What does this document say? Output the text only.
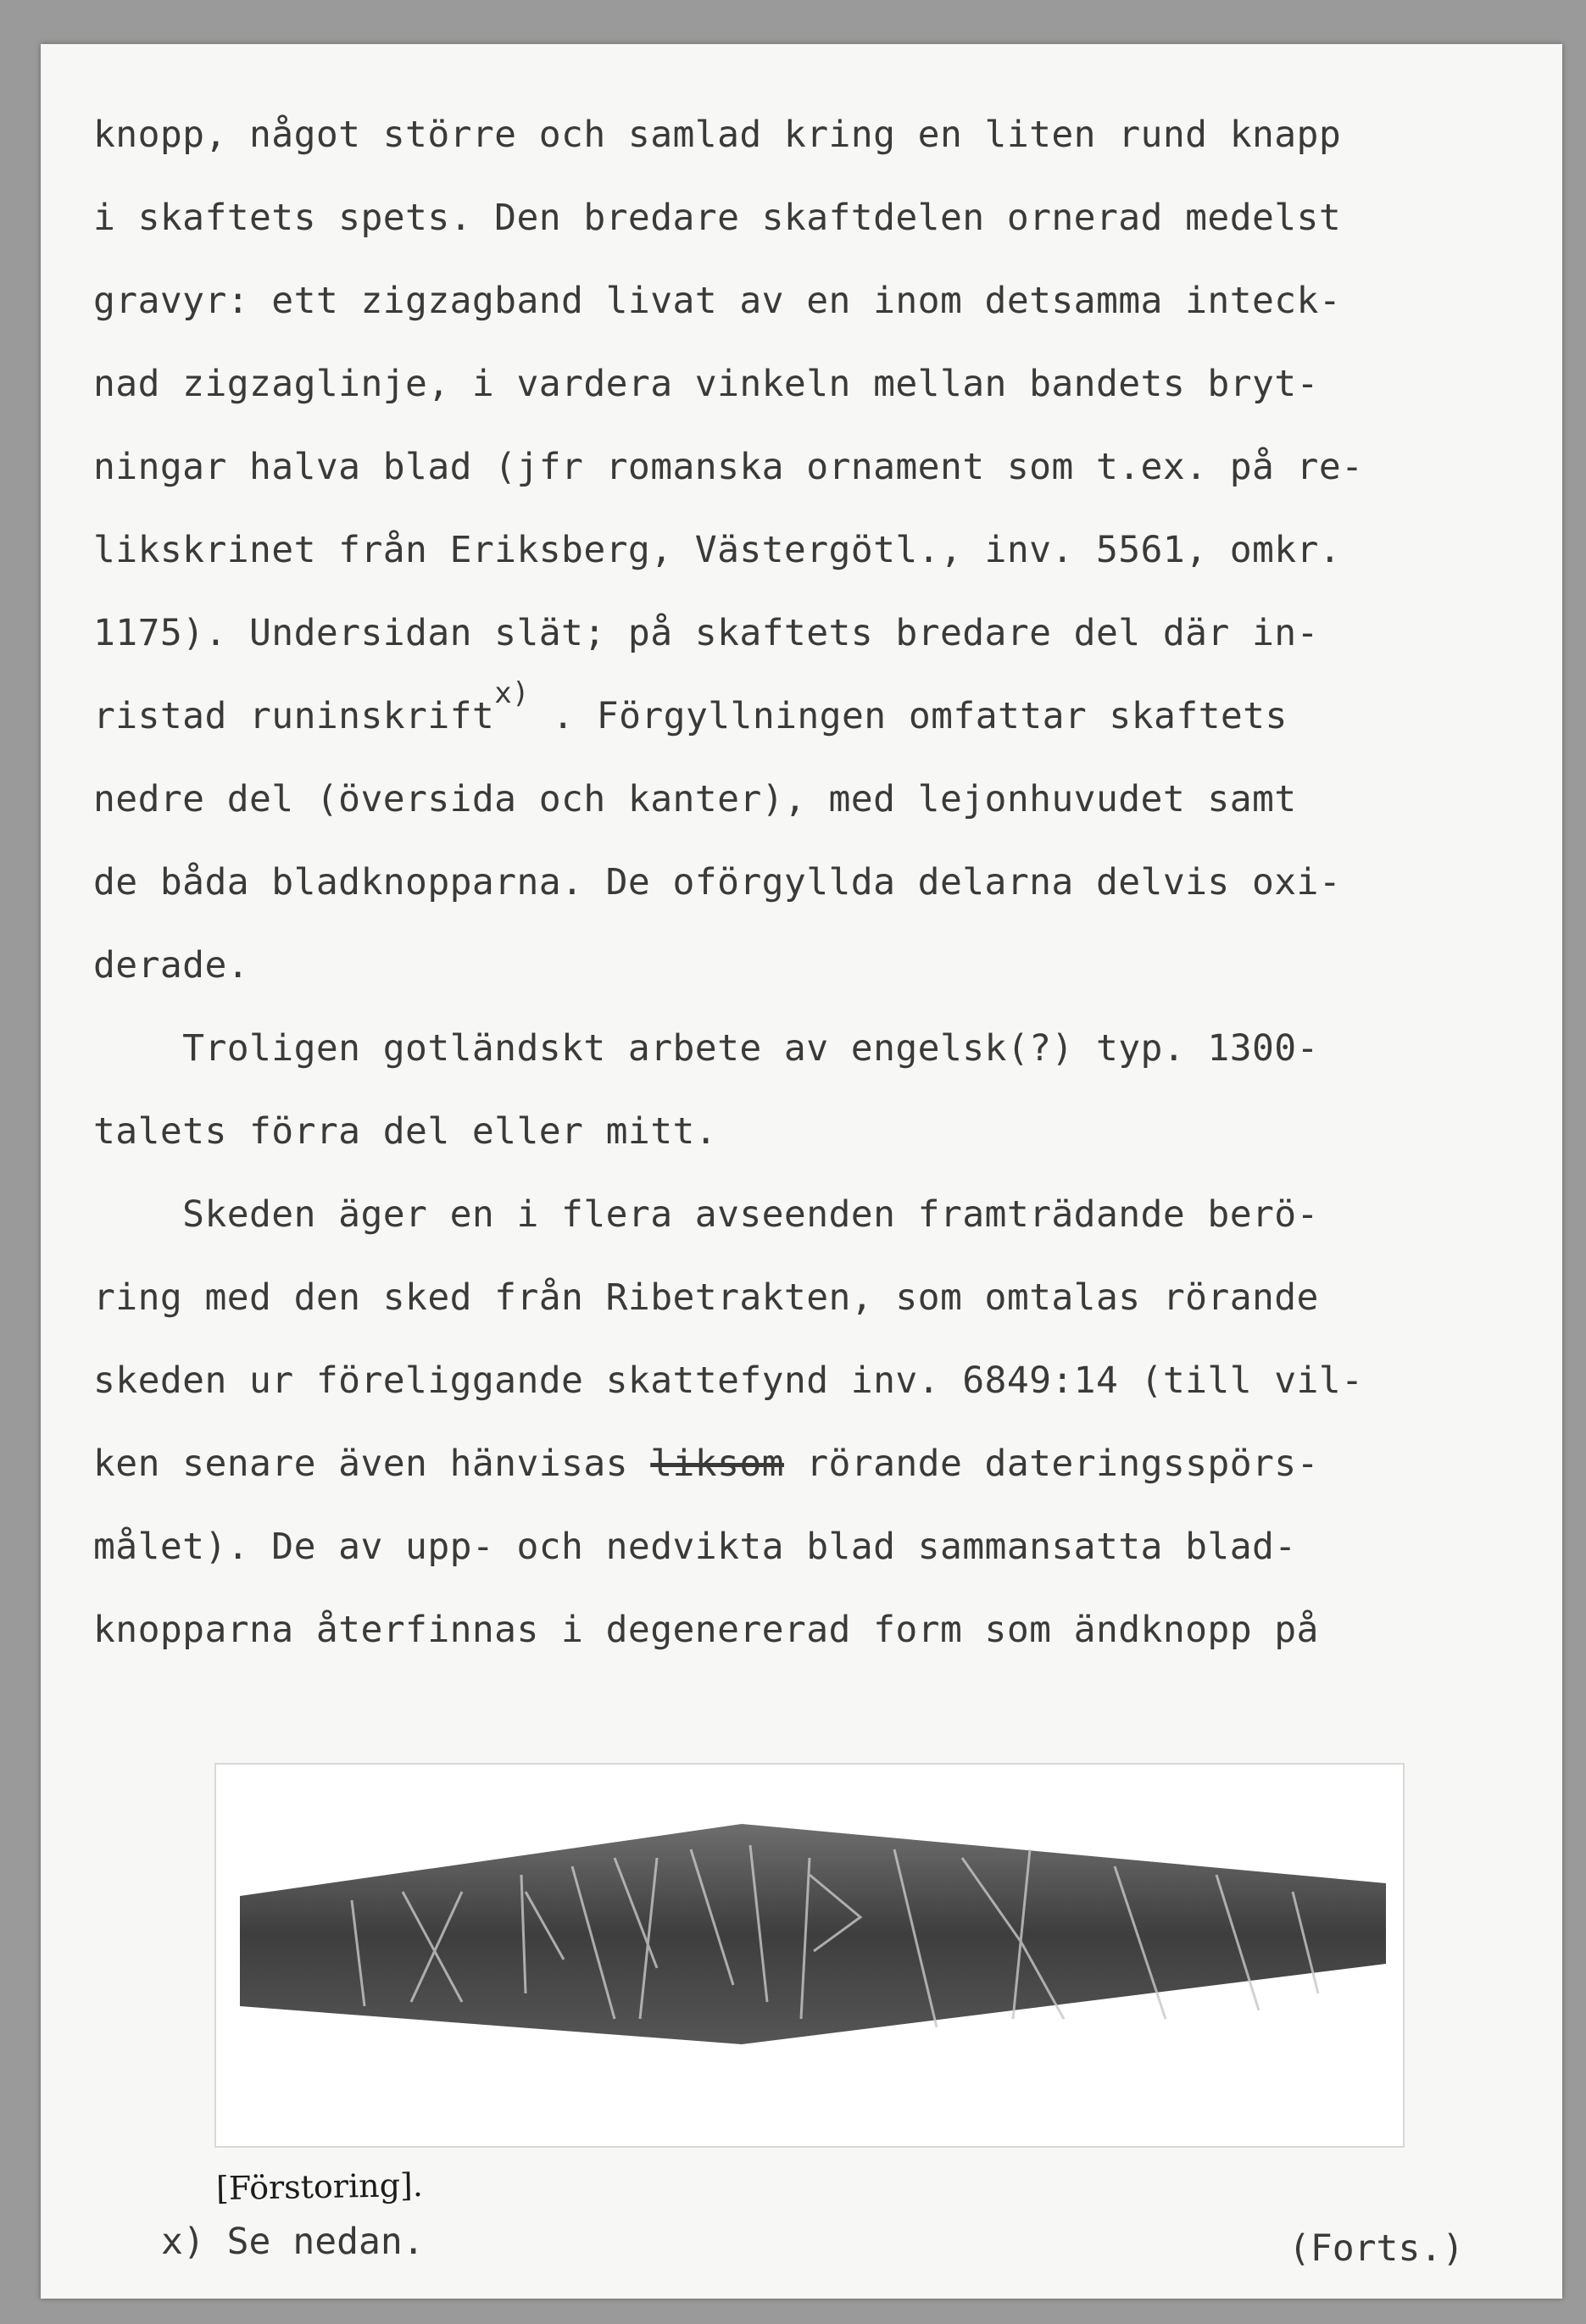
knopp, något större och samlad kring en liten rund knapp
i skaftets spets. Den bredare skaftdelen ornerad medelst
gravyr: ett zigzagband livat av en inom detsamma inteck-
nad zigzaglinje, i vardera vinkeln mellan bandets bryt-
ningar halva blad (jfr romanska ornament som t.ex. på re-
likskrinet från Eriksberg, Västergötl., inv. 5561, omkr.
1175). Undersidan slät; på skaftets bredare del där in-
ristad runinskrift$^{x)}$ . Förgyllningen omfattar skaftets
nedre del (översida och kanter), med lejonhuvudet samt
de båda bladknopparna. De oförgyllda delarna delvis oxi-
derade.
Troligen gotländskt arbete av engelsk(?) typ. 1300-
talets förra del eller mitt.
Skeden äger en i flera avseenden framträdande berö-
ring med den sked från Ribetrakten, som omtalas rörande
skeden ur föreliggande skattefynd inv. 6849:14 (till vil-
ken senare även hänvisas liksom rörande dateringsspörs-
målet). De av upp- och nedvikta blad sammansatta blad-
knopparna återfinnas i degenererad form som ändknopp på
[Förstoring].
x) Se nedan.	(Forts.)
